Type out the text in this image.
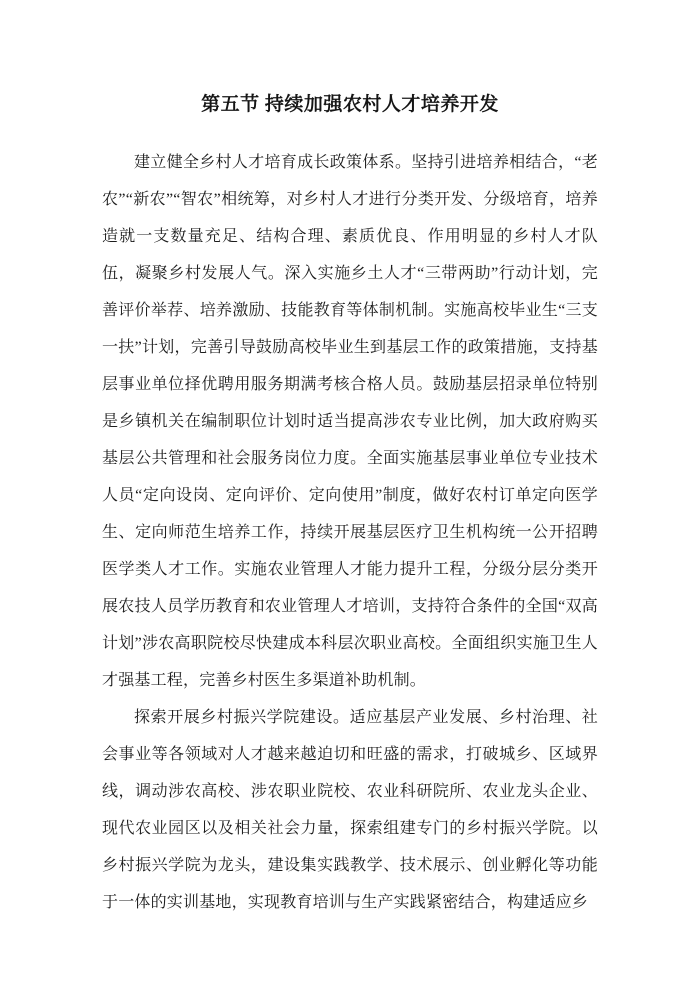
第五节 持续加强农村人才培养开发

建立健全乡村人才培育成长政策体系。坚持引进培养相结合，“老农”“新农”“智农”相统筹，对乡村人才进行分类开发、分级培育，培养造就一支数量充足、结构合理、素质优良、作用明显的乡村人才队伍，凝聚乡村发展人气。深入实施乡土人才“三带两助”行动计划，完善评价举荐、培养激励、技能教育等体制机制。实施高校毕业生“三支一扶”计划，完善引导鼓励高校毕业生到基层工作的政策措施，支持基层事业单位择优聘用服务期满考核合格人员。鼓励基层招录单位特别是乡镇机关在编制职位计划时适当提高涉农专业比例，加大政府购买基层公共管理和社会服务岗位力度。全面实施基层事业单位专业技术人员“定向设岗、定向评价、定向使用”制度，做好农村订单定向医学生、定向师范生培养工作，持续开展基层医疗卫生机构统一公开招聘医学类人才工作。实施农业管理人才能力提升工程，分级分层分类开展农技人员学历教育和农业管理人才培训，支持符合条件的全国“双高计划”涉农高职院校尽快建成本科层次职业高校。全面组织实施卫生人才强基工程，完善乡村医生多渠道补助机制。

探索开展乡村振兴学院建设。适应基层产业发展、乡村治理、社会事业等各领域对人才越来越迫切和旺盛的需求，打破城乡、区域界线，调动涉农高校、涉农职业院校、农业科研院所、农业龙头企业、现代农业园区以及相关社会力量，探索组建专门的乡村振兴学院。以乡村振兴学院为龙头，建设集实践教学、技术展示、创业孵化等功能于一体的实训基地，实现教育培训与生产实践紧密结合，构建适应乡
